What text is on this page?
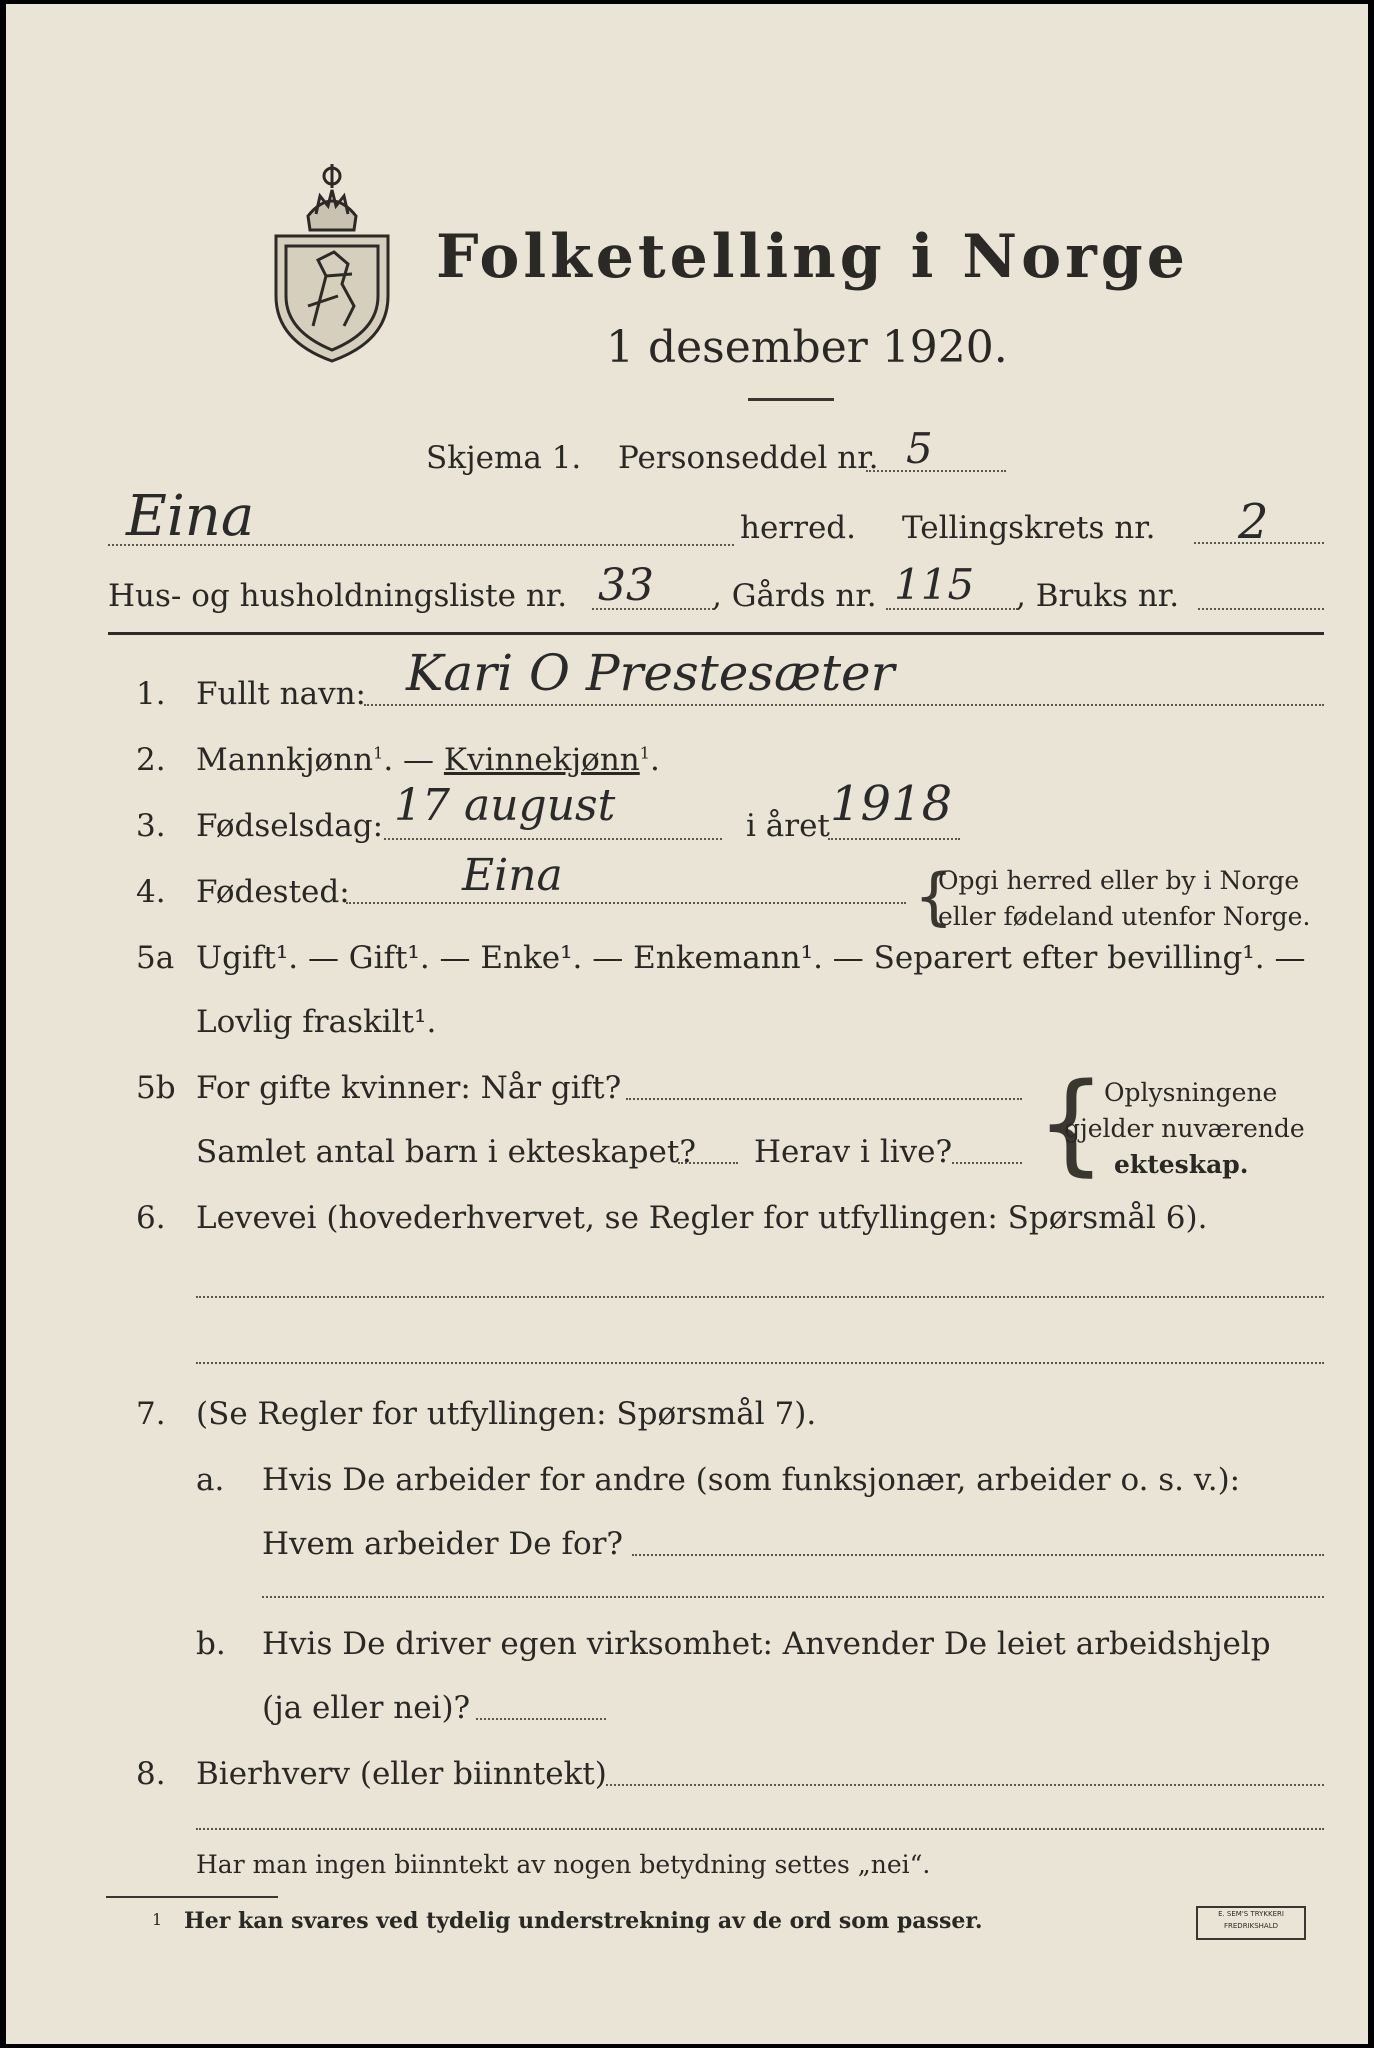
Folketelling i Norge
1 desember 1920.
Skjema 1. Personseddel nr. 5
Eina	herred. Tellingskrets nr. 2
Hus- og husholdningsliste nr. 33 , Gårds nr. 115 , Bruks nr.
1. Fullt navn: Kari O Prestesæter
2. Mannkjønn$^1$. — Kvinnekjønn$^1$.
3. Fødselsdag: 17 august	i året 1918
4. Fødested:	Eina	{
Opgi herred eller by i Norge
eller fødeland utenfor Norge.
5a Ugift¹. — Gift¹. — Enke¹. — Enkemann¹. — Separert efter bevilling¹. —
Lovlig fraskilt¹.
5b For gifte kvinner: Når gift?
Samlet antal barn i ekteskapet? Herav i live? {
Oplysningene
gjelder nuværende
ekteskap.
6. Levevei (hovederhvervet, se Regler for utfyllingen: Spørsmål 6).
7. (Se Regler for utfyllingen: Spørsmål 7).
a. Hvis De arbeider for andre (som funksjonær, arbeider o. s. v.):
Hvem arbeider De for?
b. Hvis De driver egen virksomhet: Anvender De leiet arbeidshjelp
(ja eller nei)?
8. Bierhverv (eller biinntekt)
Har man ingen biinntekt av nogen betydning settes „nei“.
1 Her kan svares ved tydelig understrekning av de ord som passer.	E. SEM'S TRYKKERI
FREDRIKSHALD
